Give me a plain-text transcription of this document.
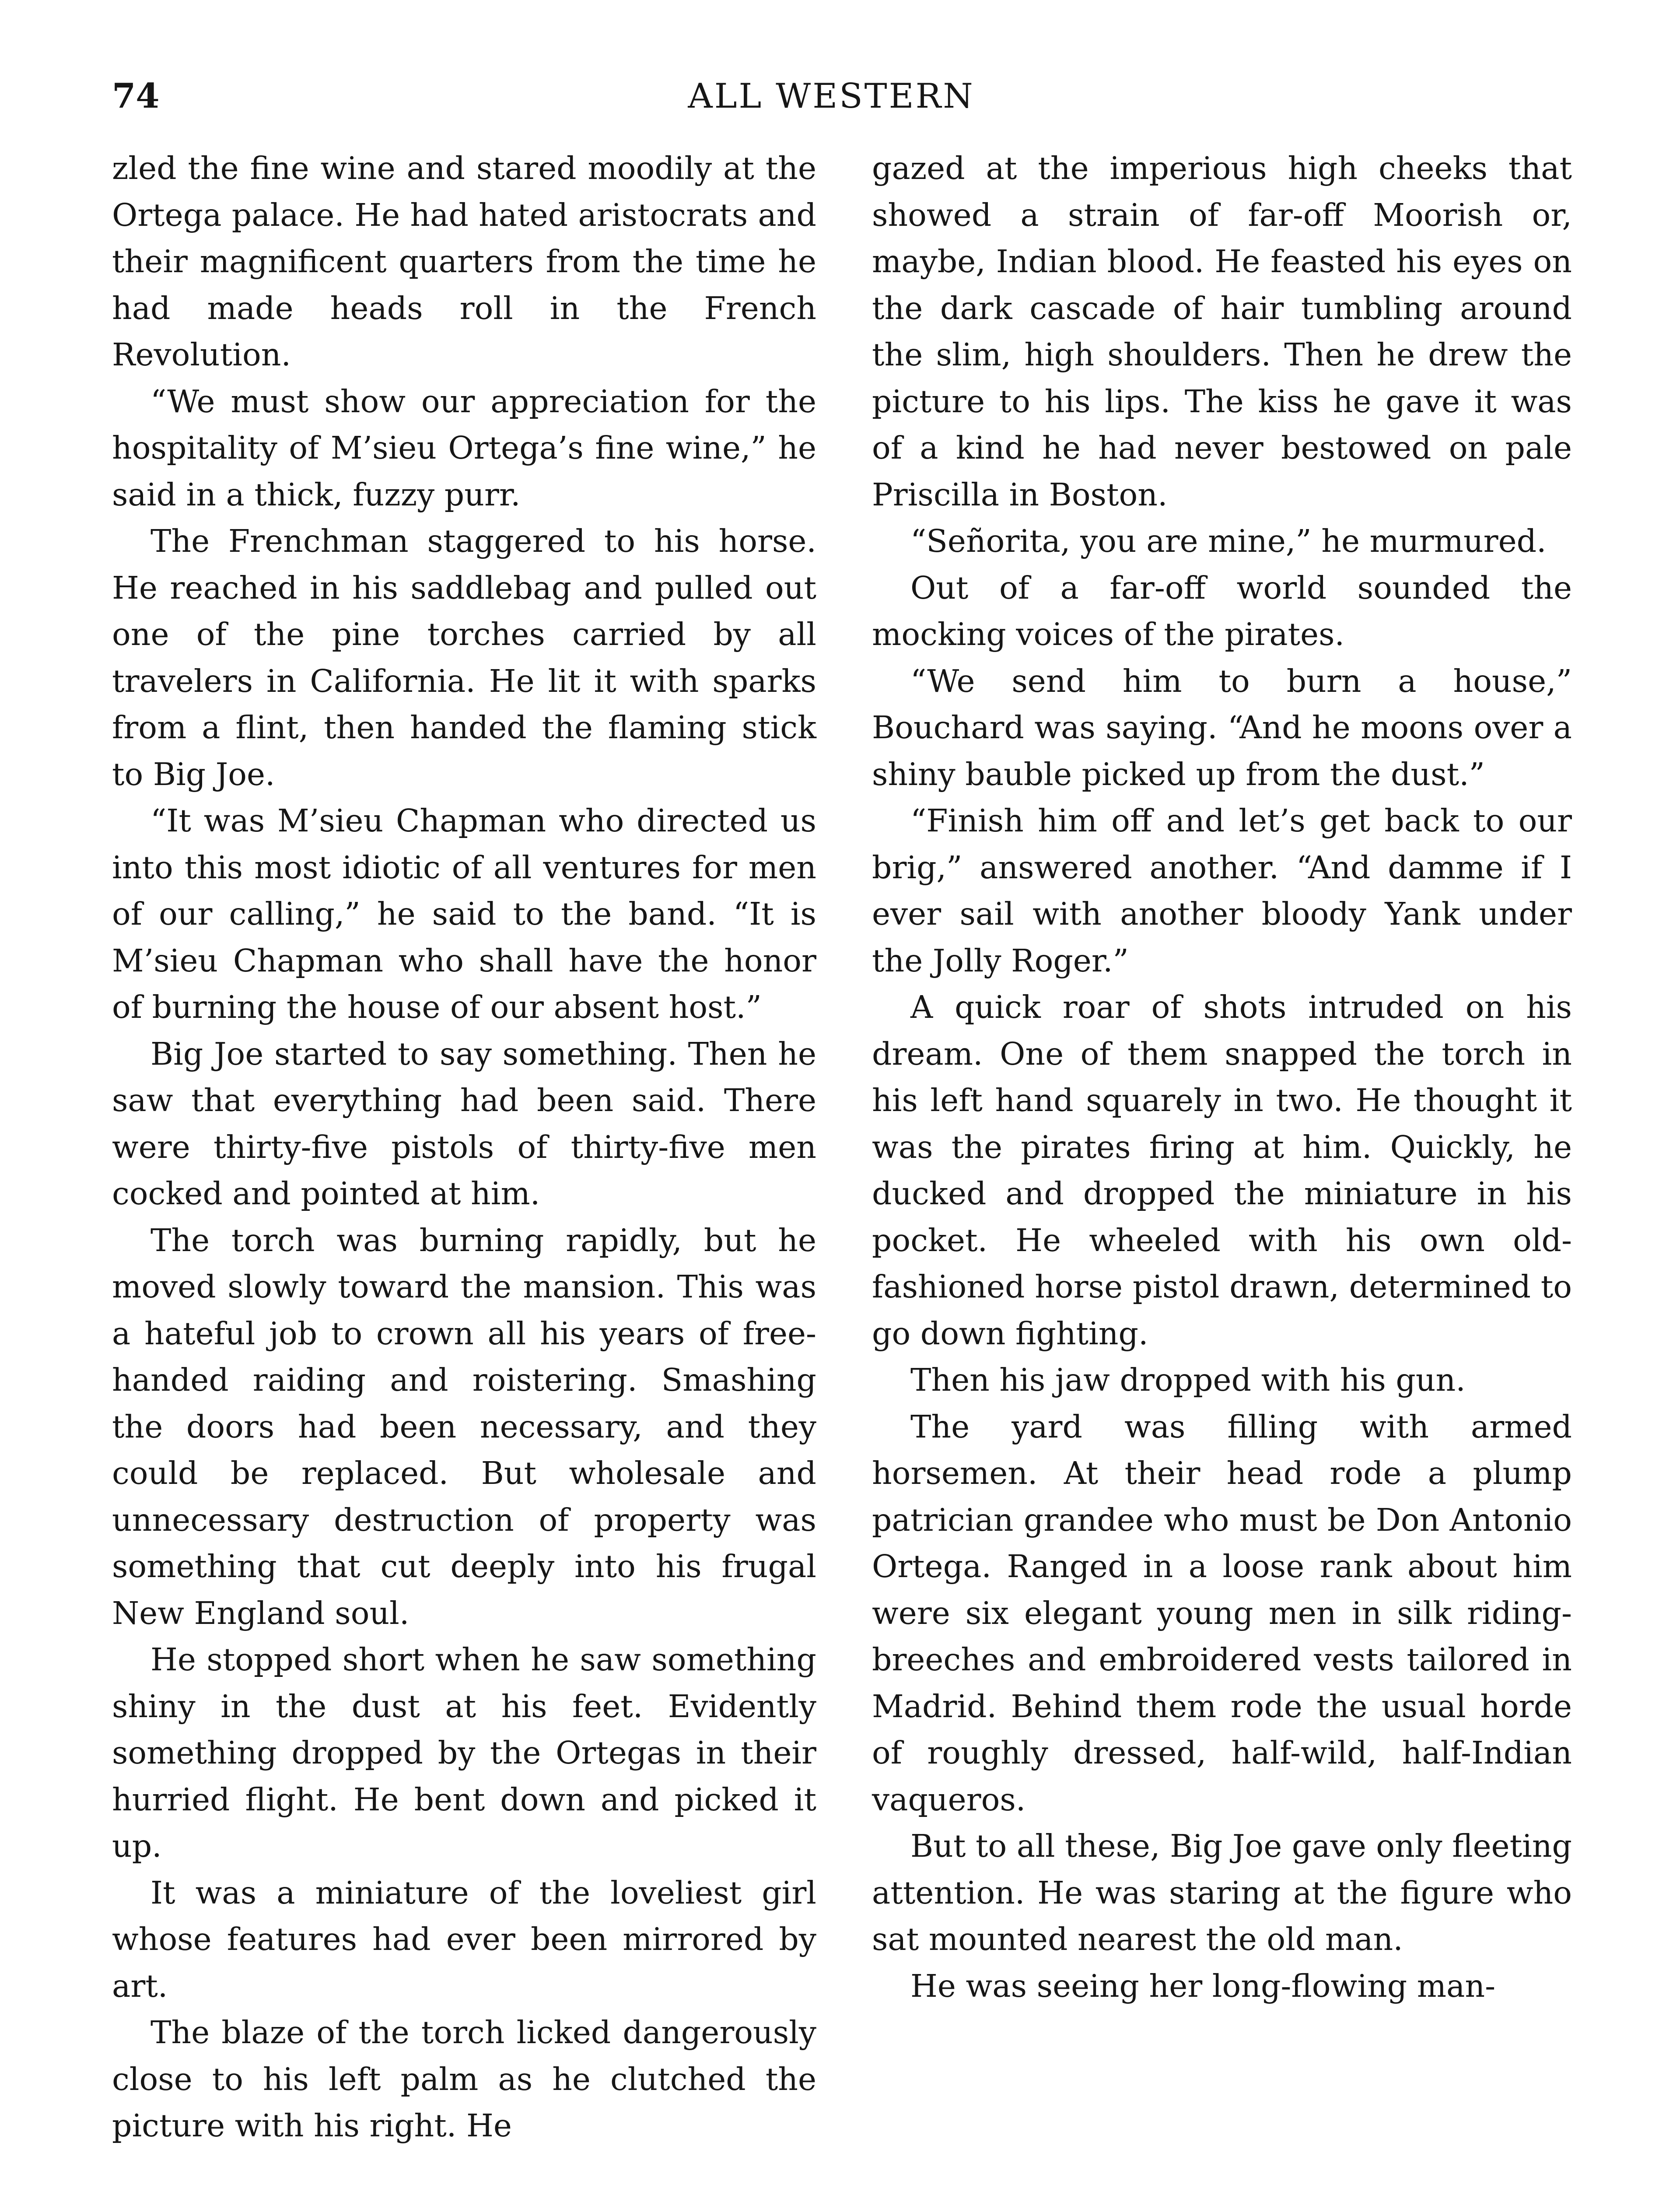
74	ALL WESTERN

zled the fine wine and stared moodily at the Ortega palace. He had hated aristocrats and their magnificent quarters from the time he had made heads roll in the French Revolution.

“We must show our appreciation for the hospitality of M’sieu Ortega’s fine wine,” he said in a thick, fuzzy purr.

The Frenchman staggered to his horse. He reached in his saddlebag and pulled out one of the pine torches carried by all travelers in California. He lit it with sparks from a flint, then handed the flaming stick to Big Joe.

“It was M’sieu Chapman who directed us into this most idiotic of all ventures for men of our calling,” he said to the band. “It is M’sieu Chapman who shall have the honor of burning the house of our absent host.”

Big Joe started to say something. Then he saw that everything had been said. There were thirty-five pistols of thirty-five men cocked and pointed at him.

The torch was burning rapidly, but he moved slowly toward the mansion. This was a hateful job to crown all his years of free-handed raiding and roistering. Smashing the doors had been necessary, and they could be replaced. But wholesale and unnecessary destruction of property was something that cut deeply into his frugal New England soul.

He stopped short when he saw something shiny in the dust at his feet. Evidently something dropped by the Ortegas in their hurried flight. He bent down and picked it up.

It was a miniature of the loveliest girl whose features had ever been mirrored by art.

The blaze of the torch licked dangerously close to his left palm as he clutched the picture with his right. He

gazed at the imperious high cheeks that showed a strain of far-off Moorish or, maybe, Indian blood. He feasted his eyes on the dark cascade of hair tumbling around the slim, high shoulders. Then he drew the picture to his lips. The kiss he gave it was of a kind he had never bestowed on pale Priscilla in Boston.

“Señorita, you are mine,” he murmured.

Out of a far-off world sounded the mocking voices of the pirates.

“We send him to burn a house,” Bouchard was saying. “And he moons over a shiny bauble picked up from the dust.”

“Finish him off and let’s get back to our brig,” answered another. “And damme if I ever sail with another bloody Yank under the Jolly Roger.”

A quick roar of shots intruded on his dream. One of them snapped the torch in his left hand squarely in two. He thought it was the pirates firing at him. Quickly, he ducked and dropped the miniature in his pocket. He wheeled with his own old-fashioned horse pistol drawn, determined to go down fighting.

Then his jaw dropped with his gun.

The yard was filling with armed horsemen. At their head rode a plump patrician grandee who must be Don Antonio Ortega. Ranged in a loose rank about him were six elegant young men in silk riding-breeches and embroidered vests tailored in Madrid. Behind them rode the usual horde of roughly dressed, half-wild, half-Indian vaqueros.

But to all these, Big Joe gave only fleeting attention. He was staring at the figure who sat mounted nearest the old man.

He was seeing her long-flowing man-
